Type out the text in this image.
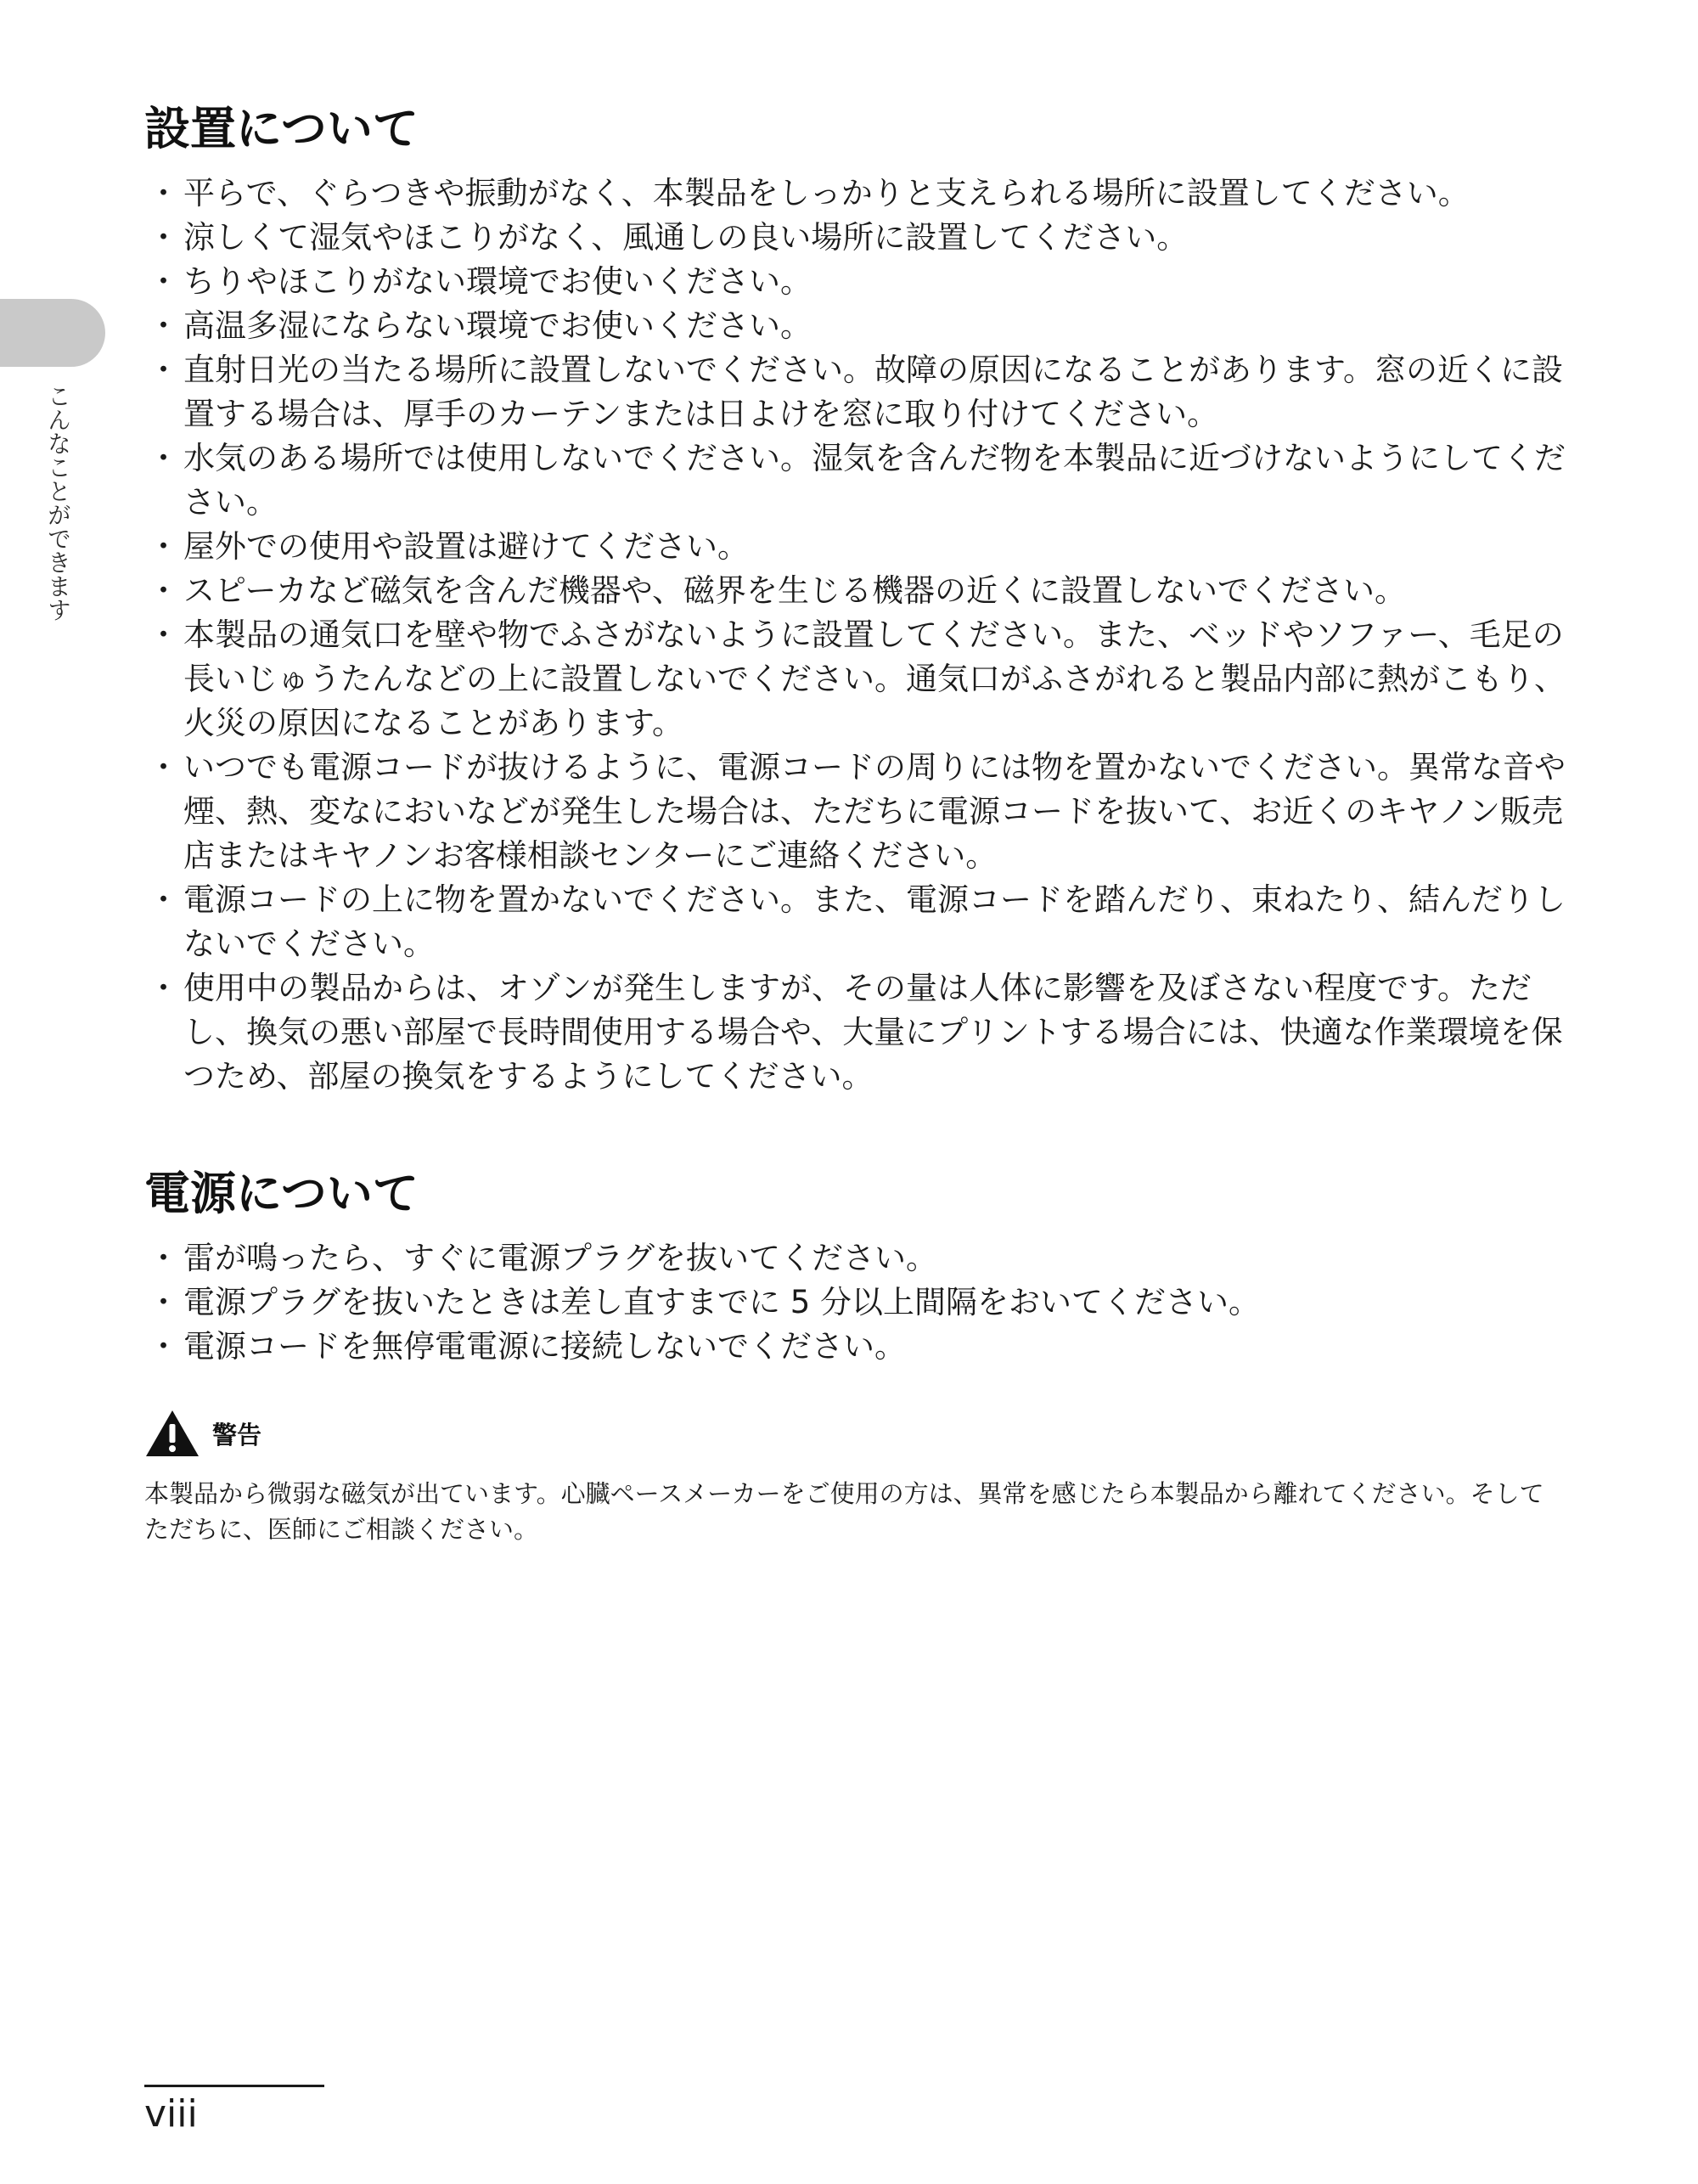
こんなことができます
設置について
・ 平らで、ぐらつきや振動がなく、本製品をしっかりと支えられる場所に設置してください。
・ 涼しくて湿気やほこりがなく、風通しの良い場所に設置してください。
・ ちりやほこりがない環境でお使いください。
・ 高温多湿にならない環境でお使いください。
・ 直射日光の当たる場所に設置しないでください。故障の原因になることがあります。窓の近くに設置する場合は、厚手のカーテンまたは日よけを窓に取り付けてください。
・ 水気のある場所では使用しないでください。湿気を含んだ物を本製品に近づけないようにしてください。
・ 屋外での使用や設置は避けてください。
・ スピーカなど磁気を含んだ機器や、磁界を生じる機器の近くに設置しないでください。
・ 本製品の通気口を壁や物でふさがないように設置してください。また、ベッドやソファー、毛足の長いじゅうたんなどの上に設置しないでください。通気口がふさがれると製品内部に熱がこもり、火災の原因になることがあります。
・ いつでも電源コードが抜けるように、電源コードの周りには物を置かないでください。異常な音や煙、熱、変なにおいなどが発生した場合は、ただちに電源コードを抜いて、お近くのキヤノン販売店またはキヤノンお客様相談センターにご連絡ください。
・ 電源コードの上に物を置かないでください。また、電源コードを踏んだり、束ねたり、結んだりしないでください。
・ 使用中の製品からは、オゾンが発生しますが、その量は人体に影響を及ぼさない程度です。ただし、換気の悪い部屋で長時間使用する場合や、大量にプリントする場合には、快適な作業環境を保つため、部屋の換気をするようにしてください。
電源について
・ 雷が鳴ったら、すぐに電源プラグを抜いてください。
・ 電源プラグを抜いたときは差し直すまでに 5 分以上間隔をおいてください。
・ 電源コードを無停電電源に接続しないでください。
警告

本製品から微弱な磁気が出ています。心臓ペースメーカーをご使用の方は、異常を感じたら本製品から離れてください。そしてただちに、医師にご相談ください。

viii
